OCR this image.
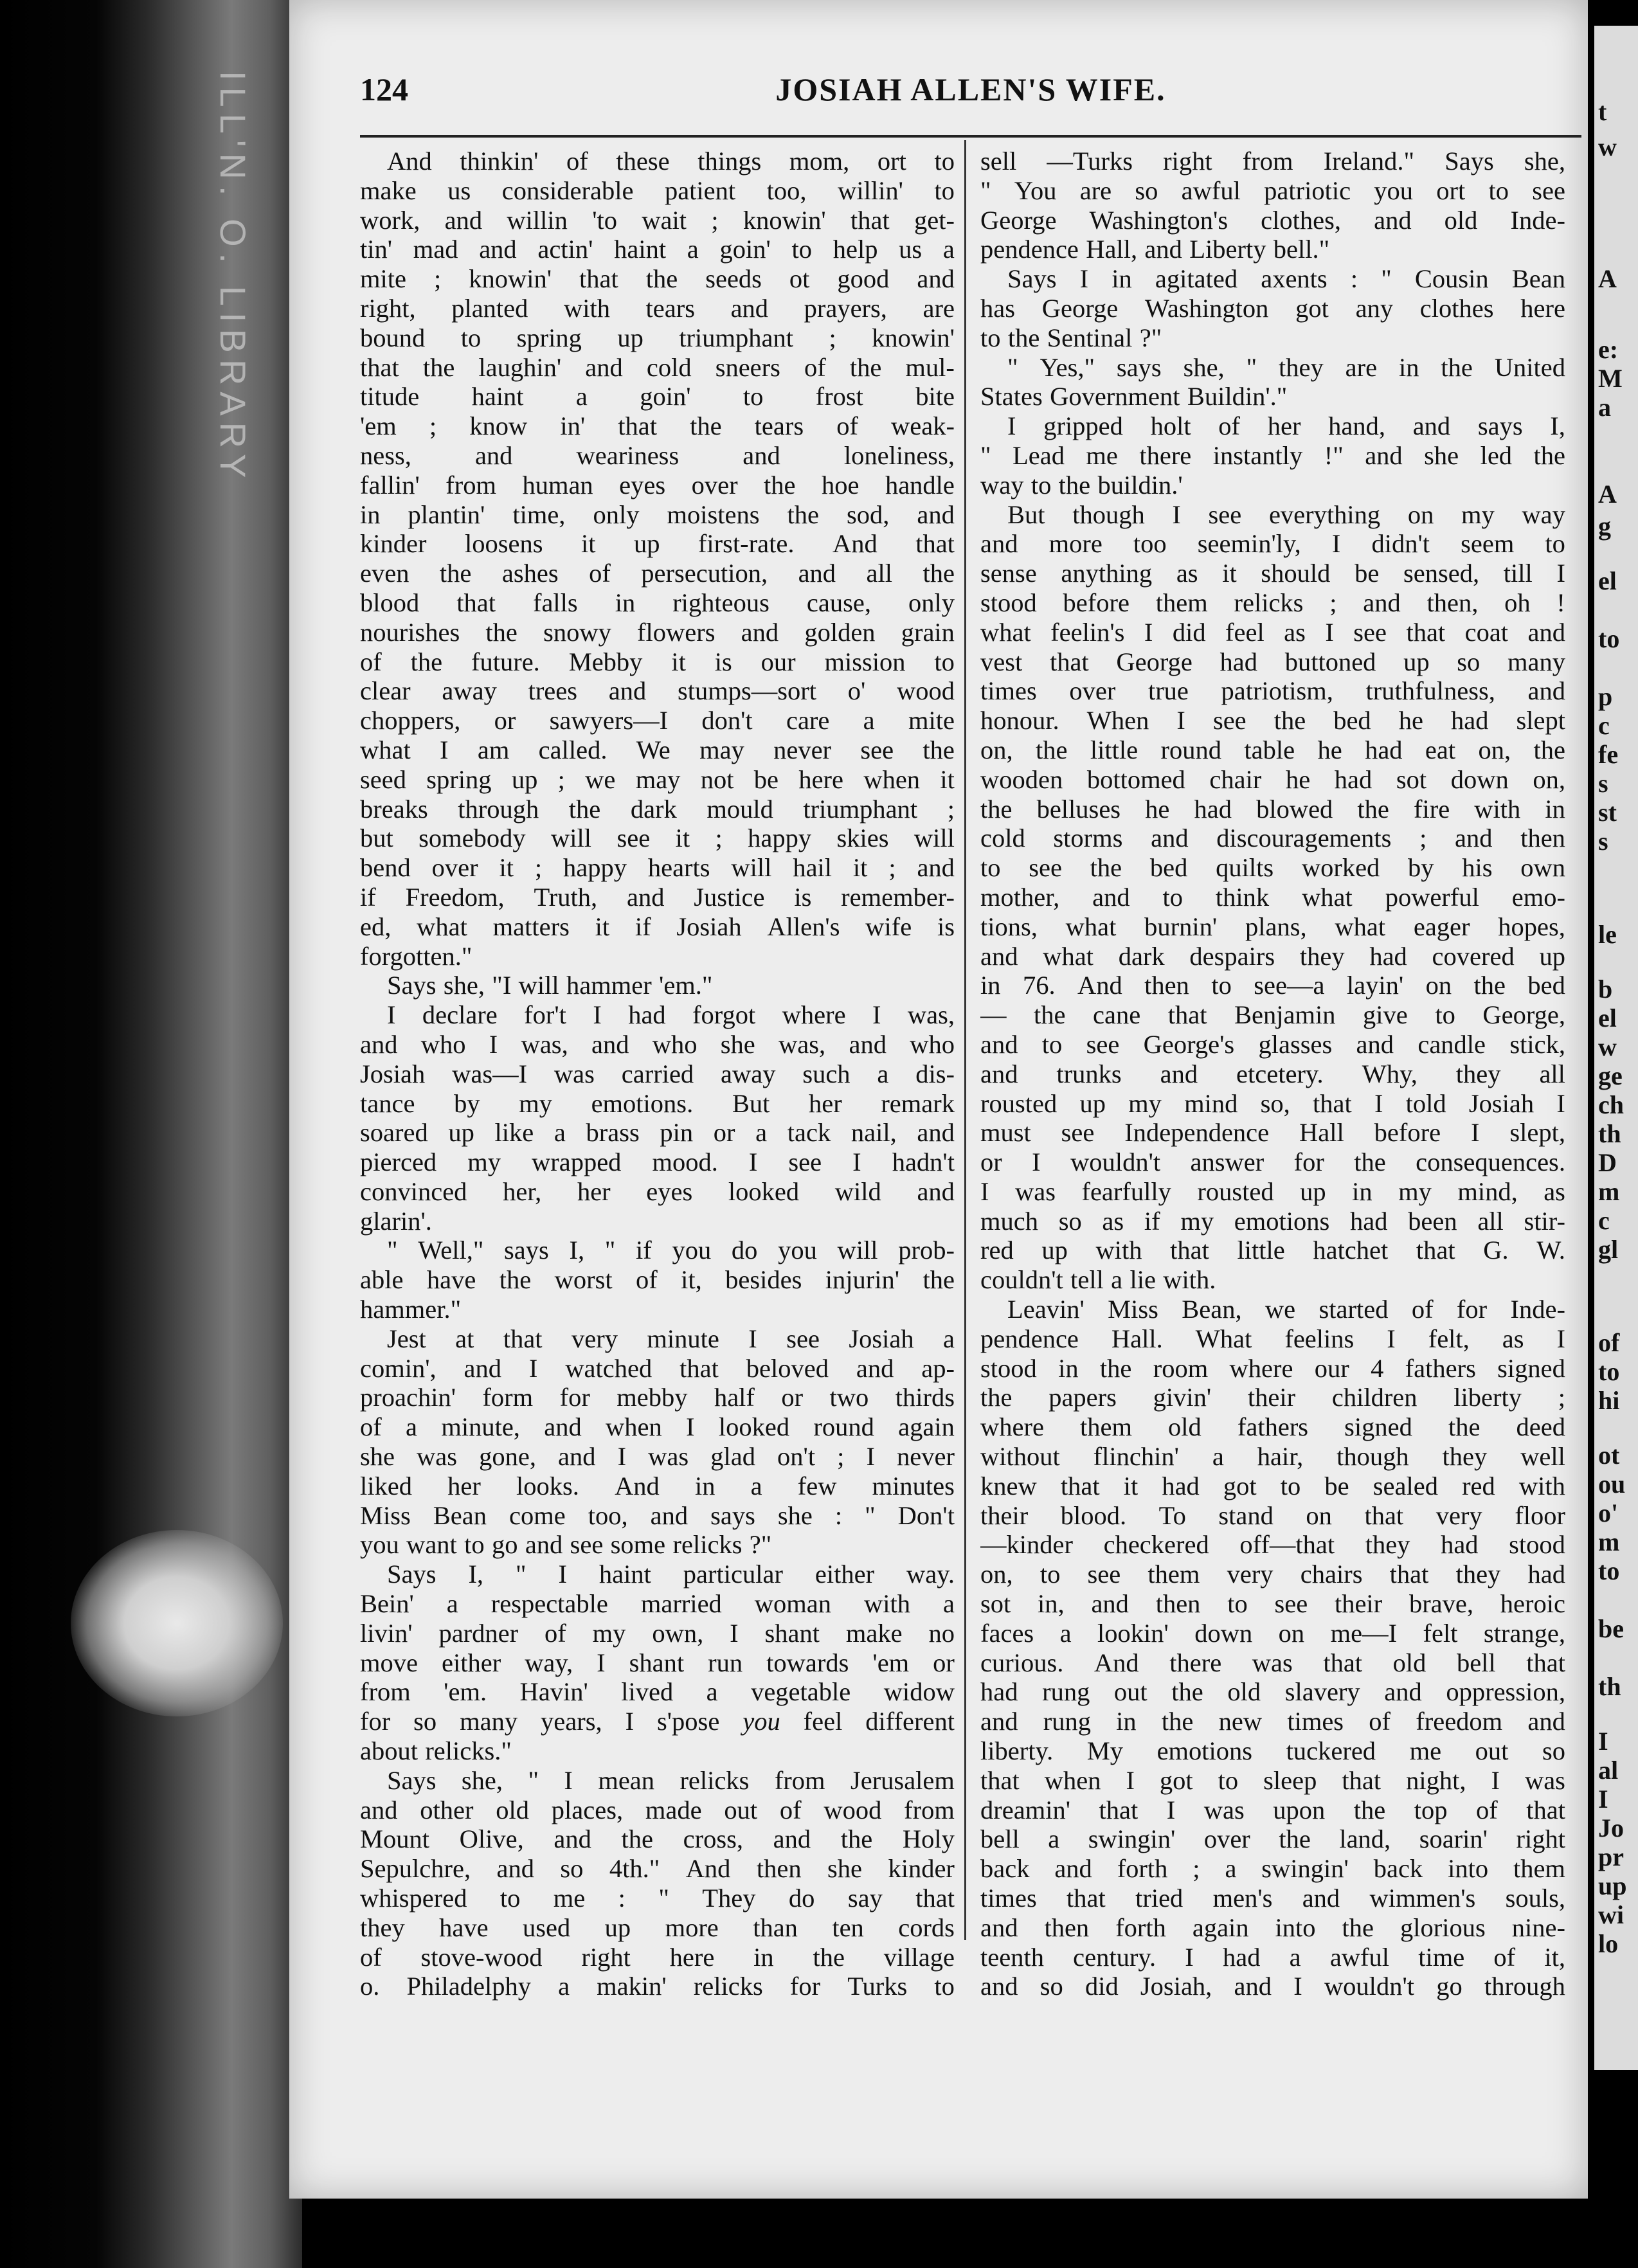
ILL'N. O. LIBRARY	t
w
A
e:
M
a
A
g
el
to
p
c
fe
s
st
s
le
b
el
w
ge
ch
th
D
m
c
gl
of
to
hi
ot
ou
o'
m
to
be
th
I
al
I
Jo
pr
up
wi
lo
124	JOSIAH ALLEN'S WIFE.
And thinkin' of these things mom, ort to
make us considerable patient too, willin' to
work, and willin 'to wait ; knowin' that get-
tin' mad and actin' haint a goin' to help us a
mite ; knowin' that the seeds ot good and
right, planted with tears and prayers, are
bound to spring up triumphant ; knowin'
that the laughin' and cold sneers of the mul-
titude haint a goin' to frost bite
'em ; know in' that the tears of weak-
ness, and weariness and loneliness,
fallin' from human eyes over the hoe handle
in plantin' time, only moistens the sod, and
kinder loosens it up first-rate. And that
even the ashes of persecution, and all the
blood that falls in righteous cause, only
nourishes the snowy flowers and golden grain
of the future. Mebby it is our mission to
clear away trees and stumps—sort o' wood
choppers, or sawyers—I don't care a mite
what I am called. We may never see the
seed spring up ; we may not be here when it
breaks through the dark mould triumphant ;
but somebody will see it ; happy skies will
bend over it ; happy hearts will hail it ; and
if Freedom, Truth, and Justice is remember-
ed, what matters it if Josiah Allen's wife is
forgotten."
Says she, "I will hammer 'em."
I declare for't I had forgot where I was,
and who I was, and who she was, and who
Josiah was—I was carried away such a dis-
tance by my emotions. But her remark
soared up like a brass pin or a tack nail, and
pierced my wrapped mood. I see I hadn't
convinced her, her eyes looked wild and
glarin'.
" Well," says I, " if you do you will prob-
able have the worst of it, besides injurin' the
hammer."
Jest at that very minute I see Josiah a
comin', and I watched that beloved and ap-
proachin' form for mebby half or two thirds
of a minute, and when I looked round again
she was gone, and I was glad on't ; I never
liked her looks. And in a few minutes
Miss Bean come too, and says she : " Don't
you want to go and see some relicks ?"
Says I, " I haint particular either way.
Bein' a respectable married woman with a
livin' pardner of my own, I shant make no
move either way, I shant run towards 'em or
from 'em. Havin' lived a vegetable widow
for so many years, I s'pose you feel different
about relicks."
Says she, " I mean relicks from Jerusalem
and other old places, made out of wood from
Mount Olive, and the cross, and the Holy
Sepulchre, and so 4th." And then she kinder
whispered to me : " They do say that
they have used up more than ten cords
of stove-wood right here in the village
o. Philadelphy a makin' relicks for Turks to
sell —Turks right from Ireland." Says she,
" You are so awful patriotic you ort to see
George Washington's clothes, and old Inde-
pendence Hall, and Liberty bell."
Says I in agitated axents : " Cousin Bean
has George Washington got any clothes here
to the Sentinal ?"
" Yes," says she, " they are in the United
States Government Buildin'."
I gripped holt of her hand, and says I,
" Lead me there instantly !" and she led the
way to the buildin.'
But though I see everything on my way
and more too seemin'ly, I didn't seem to
sense anything as it should be sensed, till I
stood before them relicks ; and then, oh !
what feelin's I did feel as I see that coat and
vest that George had buttoned up so many
times over true patriotism, truthfulness, and
honour. When I see the bed he had slept
on, the little round table he had eat on, the
wooden bottomed chair he had sot down on,
the belluses he had blowed the fire with in
cold storms and discouragements ; and then
to see the bed quilts worked by his own
mother, and to think what powerful emo-
tions, what burnin' plans, what eager hopes,
and what dark despairs they had covered up
in 76. And then to see—a layin' on the bed
— the cane that Benjamin give to George,
and to see George's glasses and candle stick,
and trunks and etcetery. Why, they all
rousted up my mind so, that I told Josiah I
must see Independence Hall before I slept,
or I wouldn't answer for the consequences.
I was fearfully rousted up in my mind, as
much so as if my emotions had been all stir-
red up with that little hatchet that G. W.
couldn't tell a lie with.
Leavin' Miss Bean, we started of for Inde-
pendence Hall. What feelins I felt, as I
stood in the room where our 4 fathers signed
the papers givin' their children liberty ;
where them old fathers signed the deed
without flinchin' a hair, though they well
knew that it had got to be sealed red with
their blood. To stand on that very floor
—kinder checkered off—that they had stood
on, to see them very chairs that they had
sot in, and then to see their brave, heroic
faces a lookin' down on me—I felt strange,
curious. And there was that old bell that
had rung out the old slavery and oppression,
and rung in the new times of freedom and
liberty. My emotions tuckered me out so
that when I got to sleep that night, I was
dreamin' that I was upon the top of that
bell a swingin' over the land, soarin' right
back and forth ; a swingin' back into them
times that tried men's and wimmen's souls,
and then forth again into the glorious nine-
teenth century. I had a awful time of it,
and so did Josiah, and I wouldn't go through
